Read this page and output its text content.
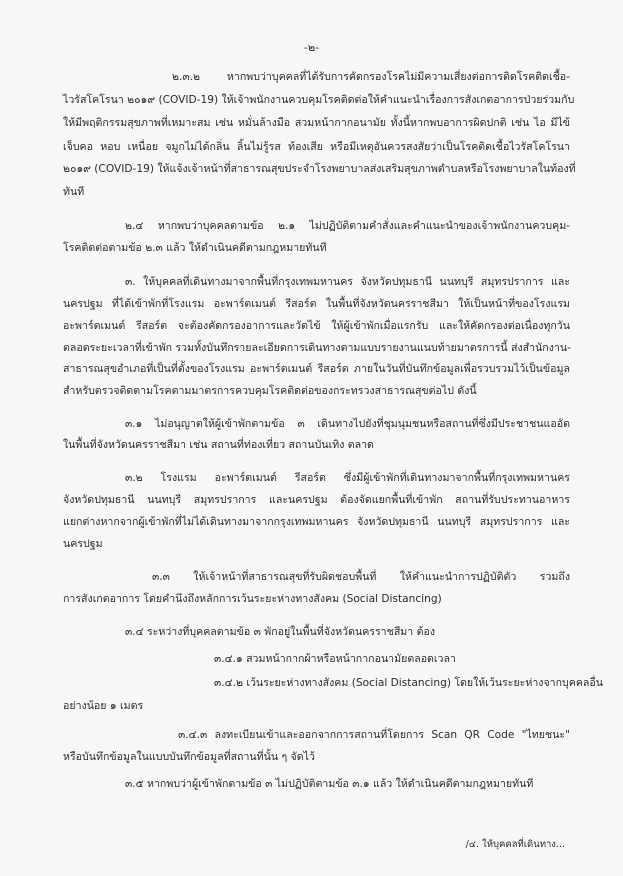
-๒-
๒.๓.๒ หากพบว่าบุคคลที่ได้รับการคัดกรองโรคไม่มีความเสี่ยงต่อการติดโรคติดเชื้อ-
ไวรัสโคโรนา ๒๐๑๙ (COVID-19) ให้เจ้าพนักงานควบคุมโรคติดต่อให้คำแนะนำเรื่องการสังเกตอาการป่วยร่วมกับ
ให้มีพฤติกรรมสุขภาพที่เหมาะสม เช่น หมั่นล้างมือ สวมหน้ากากอนามัย ทั้งนี้หากพบอาการผิดปกติ เช่น ไอ มีไข้
เจ็บคอ หอบ เหนื่อย จมูกไม่ได้กลิ่น ลิ้นไม่รู้รส ท้องเสีย หรือมีเหตุอันควรสงสัยว่าเป็นโรคติดเชื้อไวรัสโคโรนา
๒๐๑๙ (COVID-19) ให้แจ้งเจ้าหน้าที่สาธารณสุขประจำโรงพยาบาลส่งเสริมสุขภาพตำบลหรือโรงพยาบาลในท้องที่
ทันที
๒.๔ หากพบว่าบุคคลตามข้อ ๒.๑ ไม่ปฏิบัติตามคำสั่งและคำแนะนำของเจ้าพนักงานควบคุม-
โรคติดต่อตามข้อ ๒.๓ แล้ว ให้ดำเนินคดีตามกฎหมายทันที
๓. ให้บุคคลที่เดินทางมาจากพื้นที่กรุงเทพมหานคร จังหวัดปทุมธานี นนทบุรี สมุทรปราการ และ
นครปฐม ที่ได้เข้าพักที่โรงแรม อะพาร์ตเมนต์ รีสอร์ต ในพื้นที่จังหวัดนครราชสีมา ให้เป็นหน้าที่ของโรงแรม
อะพาร์ตเมนต์ รีสอร์ต จะต้องคัดกรองอาการและวัดไข้ ให้ผู้เข้าพักเมื่อแรกรับ และให้คัดกรองต่อเนื่องทุกวัน
ตลอดระยะเวลาที่เข้าพัก รวมทั้งบันทึกรายละเอียดการเดินทางตามแบบรายงานแนบท้ายมาตรการนี้ ส่งสำนักงาน-
สาธารณสุขอำเภอที่เป็นที่ตั้งของโรงแรม อะพาร์ตเมนต์ รีสอร์ต ภายในวันที่บันทึกข้อมูลเพื่อรวบรวมไว้เป็นข้อมูล
สำหรับตรวจติดตามโรคตามมาตรการควบคุมโรคติดต่อของกระทรวงสาธารณสุขต่อไป ดังนี้
๓.๑ ไม่อนุญาตให้ผู้เข้าพักตามข้อ ๓ เดินทางไปยังที่ชุมนุมชนหรือสถานที่ซึ่งมีประชาชนแออัด
ในพื้นที่จังหวัดนครราชสีมา เช่น สถานที่ท่องเที่ยว สถานบันเทิง ตลาด
๓.๒ โรงแรม อะพาร์ตเมนต์ รีสอร์ต ซึ่งมีผู้เข้าพักที่เดินทางมาจากพื้นที่กรุงเทพมหานคร
จังหวัดปทุมธานี นนทบุรี สมุทรปราการ และนครปฐม ต้องจัดแยกพื้นที่เข้าพัก สถานที่รับประทานอาหาร
แยกต่างหากจากผู้เข้าพักที่ไม่ได้เดินทางมาจากกรุงเทพมหานคร จังหวัดปทุมธานี นนทบุรี สมุทรปราการ และ
นครปฐม
๓.๓ ให้เจ้าหน้าที่สาธารณสุขที่รับผิดชอบพื้นที่ ให้คำแนะนำการปฏิบัติตัว รวมถึง
การสังเกตอาการ โดยคำนึงถึงหลักการเว้นระยะห่างทางสังคม (Social Distancing)
๓.๔ ระหว่างที่บุคคลตามข้อ ๓ พักอยู่ในพื้นที่จังหวัดนครราชสีมา ต้อง
๓.๔.๑ สวมหน้ากากผ้าหรือหน้ากากอนามัยตลอดเวลา
๓.๔.๒ เว้นระยะห่างทางสังคม (Social Distancing) โดยให้เว้นระยะห่างจากบุคคลอื่น
อย่างน้อย ๑ เมตร
๓.๔.๓ ลงทะเบียนเข้าและออกจากการสถานที่โดยการ Scan QR Code "ไทยชนะ"
หรือบันทึกข้อมูลในแบบบันทึกข้อมูลที่สถานที่นั้น ๆ จัดไว้
๓.๕ หากพบว่าผู้เข้าพักตามข้อ ๓ ไม่ปฏิบัติตามข้อ ๓.๑ แล้ว ให้ดำเนินคดีตามกฎหมายทันที
/๔. ให้บุคคลที่เดินทาง...
